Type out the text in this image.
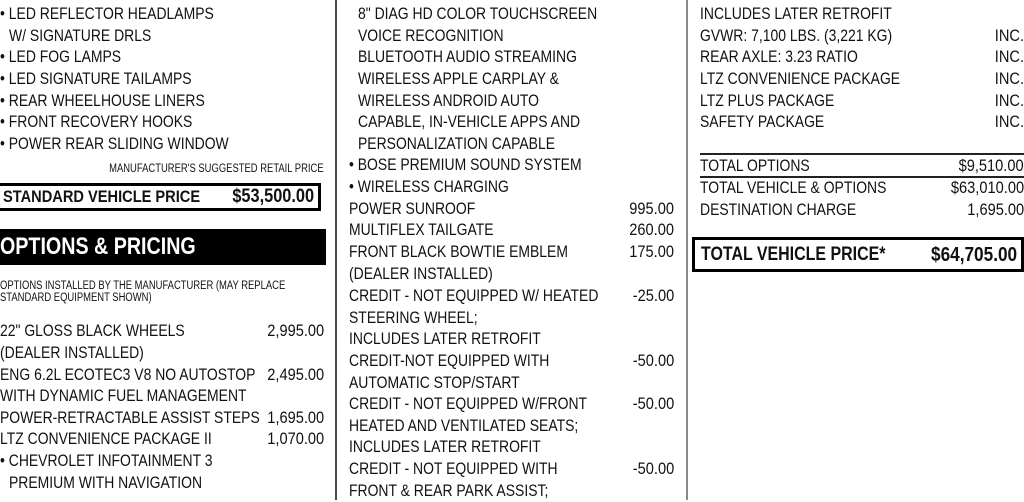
• LED REFLECTOR HEADLAMPS
W/ SIGNATURE DRLS
• LED FOG LAMPS
• LED SIGNATURE TAILAMPS
• REAR WHEELHOUSE LINERS
• FRONT RECOVERY HOOKS
• POWER REAR SLIDING WINDOW
MANUFACTURER'S SUGGESTED RETAIL PRICE
STANDARD VEHICLE PRICE	$53,500.00
OPTIONS & PRICING
OPTIONS INSTALLED BY THE MANUFACTURER (MAY REPLACE
STANDARD EQUIPMENT SHOWN)
22" GLOSS BLACK WHEELS	2,995.00
(DEALER INSTALLED)
ENG 6.2L ECOTEC3 V8 NO AUTOSTOP 2,495.00
WITH DYNAMIC FUEL MANAGEMENT
POWER-RETRACTABLE ASSIST STEPS 1,695.00
LTZ CONVENIENCE PACKAGE II	1,070.00
• CHEVROLET INFOTAINMENT 3
PREMIUM WITH NAVIGATION
8" DIAG HD COLOR TOUCHSCREEN
VOICE RECOGNITION
BLUETOOTH AUDIO STREAMING
WIRELESS APPLE CARPLAY &
WIRELESS ANDROID AUTO
CAPABLE, IN-VEHICLE APPS AND
PERSONALIZATION CAPABLE
• BOSE PREMIUM SOUND SYSTEM
• WIRELESS CHARGING
POWER SUNROOF	995.00
MULTIFLEX TAILGATE	260.00
FRONT BLACK BOWTIE EMBLEM	175.00
(DEALER INSTALLED)
CREDIT - NOT EQUIPPED W/ HEATED	-25.00
STEERING WHEEL;
INCLUDES LATER RETROFIT
CREDIT-NOT EQUIPPED WITH	-50.00
AUTOMATIC STOP/START
CREDIT - NOT EQUIPPED W/FRONT	-50.00
HEATED AND VENTILATED SEATS;
INCLUDES LATER RETROFIT
CREDIT - NOT EQUIPPED WITH	-50.00
FRONT & REAR PARK ASSIST;
INCLUDES LATER RETROFIT
GVWR: 7,100 LBS. (3,221 KG)	INC.
REAR AXLE: 3.23 RATIO	INC.
LTZ CONVENIENCE PACKAGE	INC.
LTZ PLUS PACKAGE	INC.
SAFETY PACKAGE	INC.
TOTAL OPTIONS	$9,510.00
TOTAL VEHICLE & OPTIONS	$63,010.00
DESTINATION CHARGE	1,695.00
TOTAL VEHICLE PRICE*	$64,705.00
